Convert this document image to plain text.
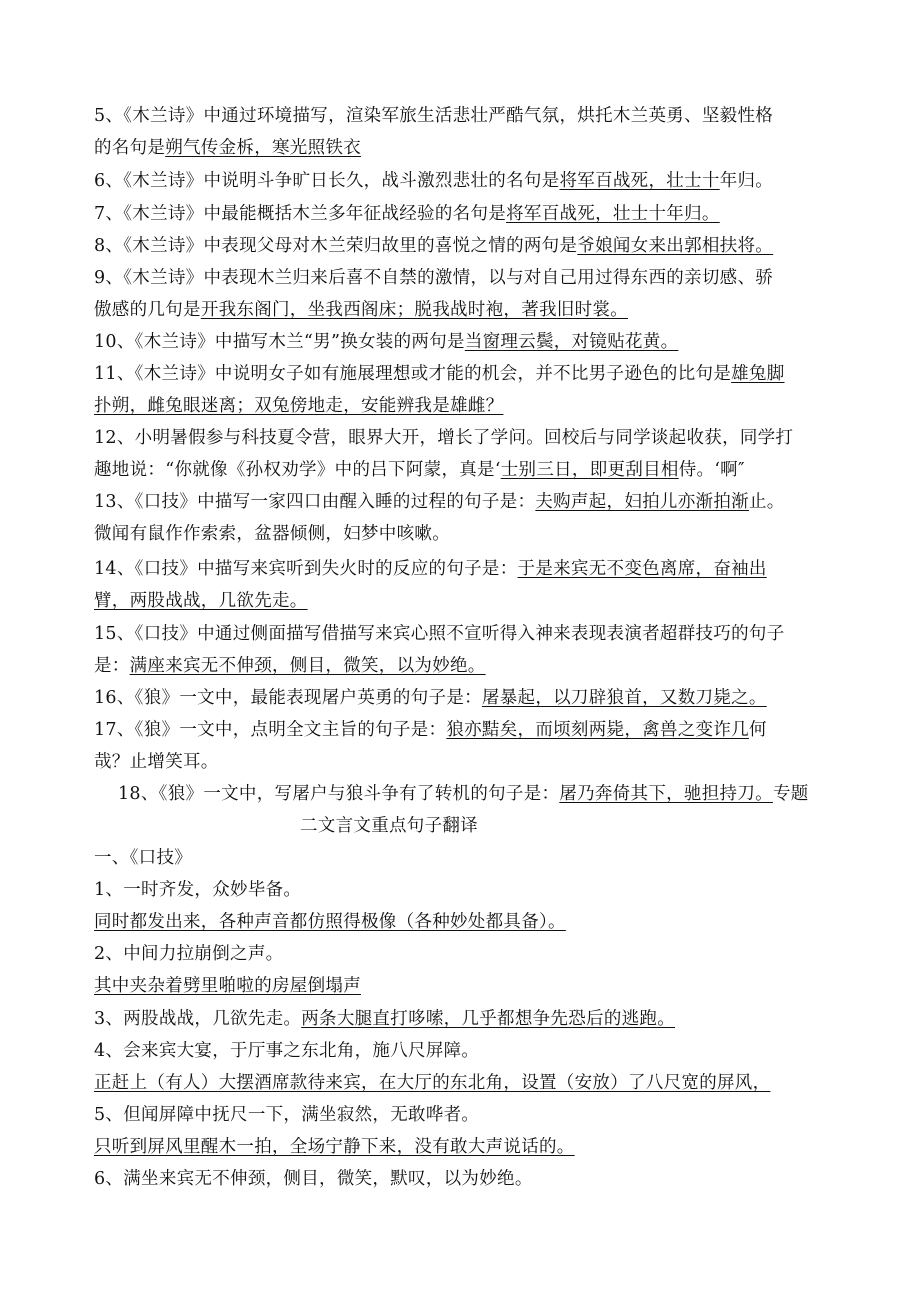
5、《木兰诗》中通过环境描写，渲染军旅生活悲壮严酷气氛，烘托木兰英勇、坚毅性格
的名句是朔气传金柝，寒光照铁衣
6、《木兰诗》中说明斗争旷日长久，战斗激烈悲壮的名句是将军百战死，壮士十年归。
7、《木兰诗》中最能概括木兰多年征战经验的名句是将军百战死，壮士十年归。
8、《木兰诗》中表现父母对木兰荣归故里的喜悦之情的两句是爷娘闻女来出郭相扶将。
9、《木兰诗》中表现木兰归来后喜不自禁的激情，以与对自己用过得东西的亲切感、骄
傲感的几句是开我东阁门，坐我西阁床；脱我战时袍，著我旧时裳。
10、《木兰诗》中描写木兰“男”换女装的两句是当窗理云鬓，对镜贴花黄。
11、《木兰诗》中说明女子如有施展理想或才能的机会，并不比男子逊色的比句是雄兔脚
扑朔，雌兔眼迷离；双兔傍地走，安能辨我是雄雌？
12、小明暑假参与科技夏令营，眼界大开，增长了学问。回校后与同学谈起收获，同学打
趣地说：“你就像《孙权劝学》中的吕下阿蒙，真是‘士别三日，即更刮目相侍。‘啊″
13、《口技》中描写一家四口由醒入睡的过程的句子是：夫购声起，妇拍儿亦渐拍渐止。
微闻有鼠作作索索，盆器倾侧，妇梦中咳嗽。
14、《口技》中描写来宾听到失火时的反应的句子是：于是来宾无不变色离席，奋袖出
臂，两股战战，几欲先走。
15、《口技》中通过侧面描写借描写来宾心照不宣听得入神来表现表演者超群技巧的句子
是：满座来宾无不伸颈，侧目，微笑，以为妙绝。
16、《狼》一文中，最能表现屠户英勇的句子是：屠暴起，以刀辟狼首，又数刀毙之。
17、《狼》一文中，点明全文主旨的句子是：狼亦黠矣，而顷刻两毙，禽兽之变诈几何
哉？止增笑耳。
18、《狼》一文中，写屠户与狼斗争有了转机的句子是：屠乃奔倚其下，驰担持刀。专题
二文言文重点句子翻译
一、《口技》
1、一时齐发，众妙毕备。
同时都发出来，各种声音都仿照得极像（各种妙处都具备）。
2、中间力拉崩倒之声。
其中夹杂着劈里啪啦的房屋倒塌声
3、两股战战，几欲先走。两条大腿直打哆嗦，几乎都想争先恐后的逃跑。
4、会来宾大宴，于厅事之东北角，施八尺屏障。
正赶上（有人）大摆酒席款待来宾，在大厅的东北角，设置（安放）了八尺宽的屏风，
5、但闻屏障中抚尺一下，满坐寂然，无敢哗者。
只听到屏风里醒木一拍，全场宁静下来，没有敢大声说话的。
6、满坐来宾无不伸颈，侧目，微笑，默叹，以为妙绝。
